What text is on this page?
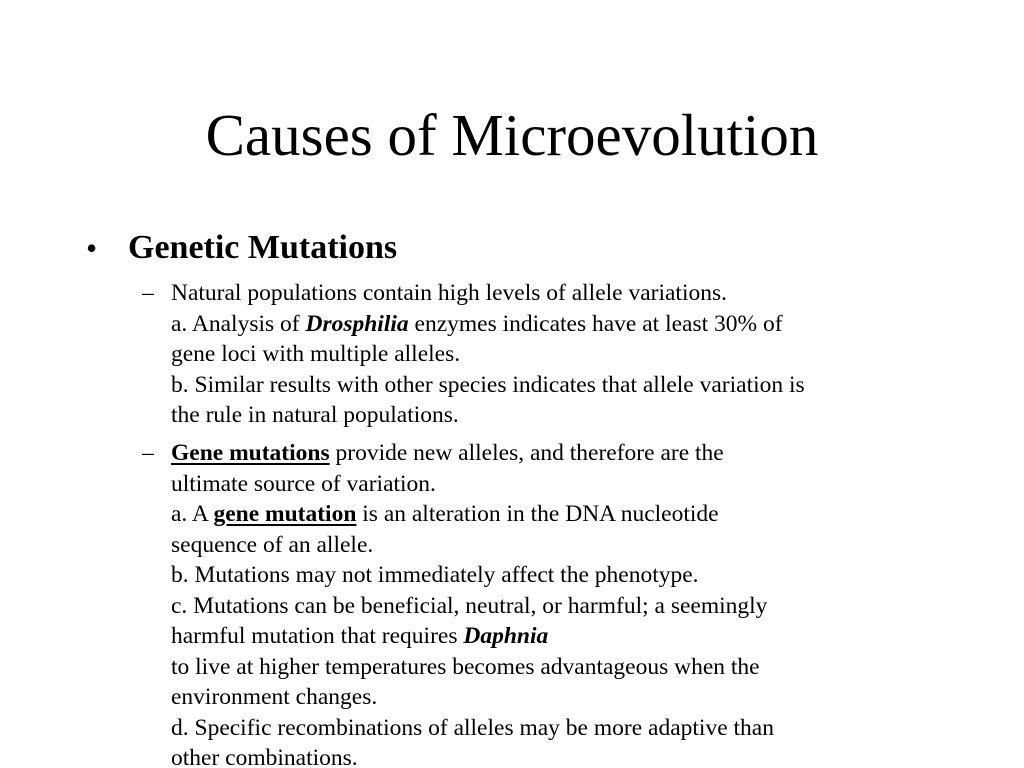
Causes of Microevolution
• Genetic Mutations
– Natural populations contain high levels of allele variations.
a. Analysis of Drosphilia enzymes indicates have at least 30% of
gene loci with multiple alleles.
b. Similar results with other species indicates that allele variation is
the rule in natural populations.
– Gene mutations provide new alleles, and therefore are the
ultimate source of variation.
a. A gene mutation is an alteration in the DNA nucleotide
sequence of an allele.
b. Mutations may not immediately affect the phenotype.
c. Mutations can be beneficial, neutral, or harmful; a seemingly
harmful mutation that requires Daphnia
to live at higher temperatures becomes advantageous when the
environment changes.
d. Specific recombinations of alleles may be more adaptive than
other combinations.
